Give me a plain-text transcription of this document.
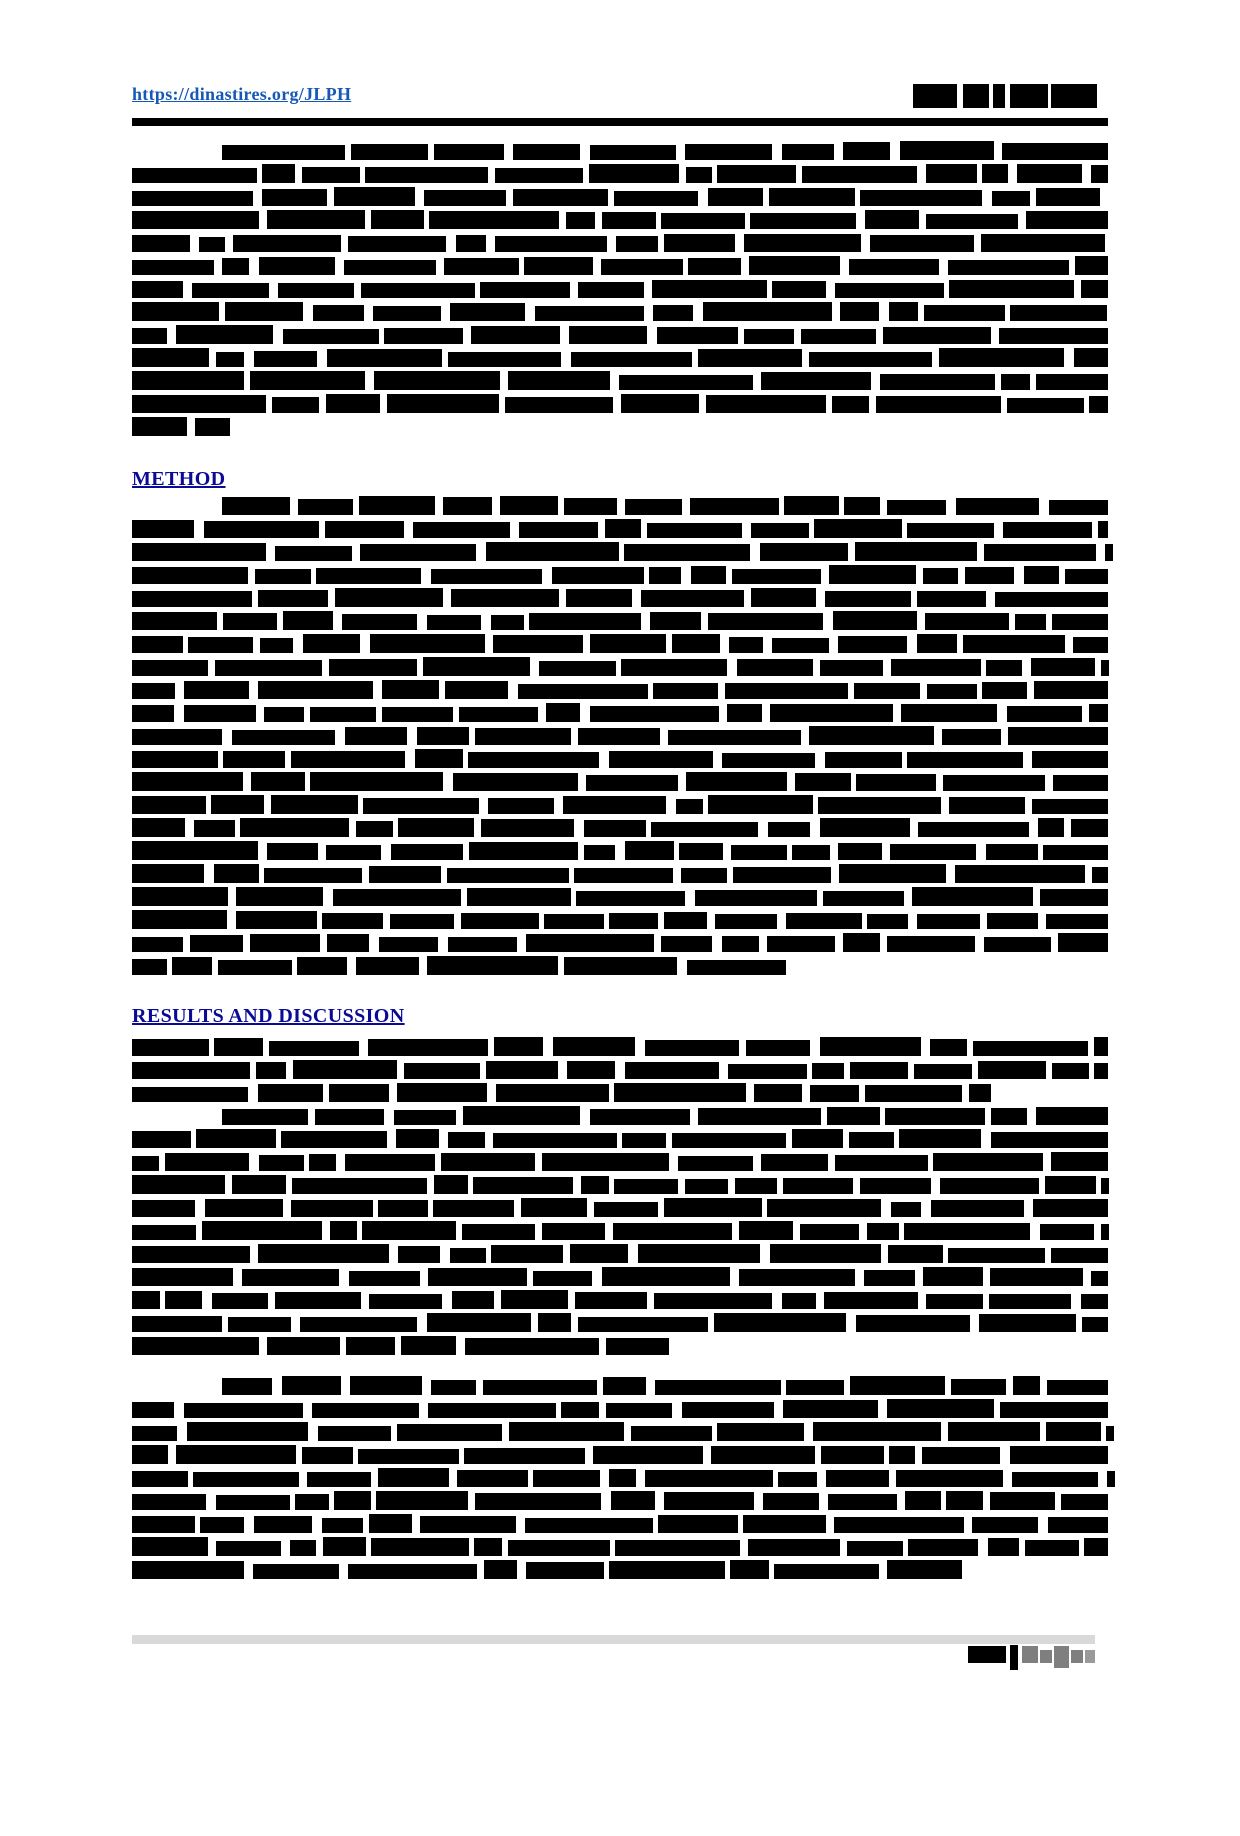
https://dinastires.org/JLPH
METHOD
RESULTS AND DISCUSSION
